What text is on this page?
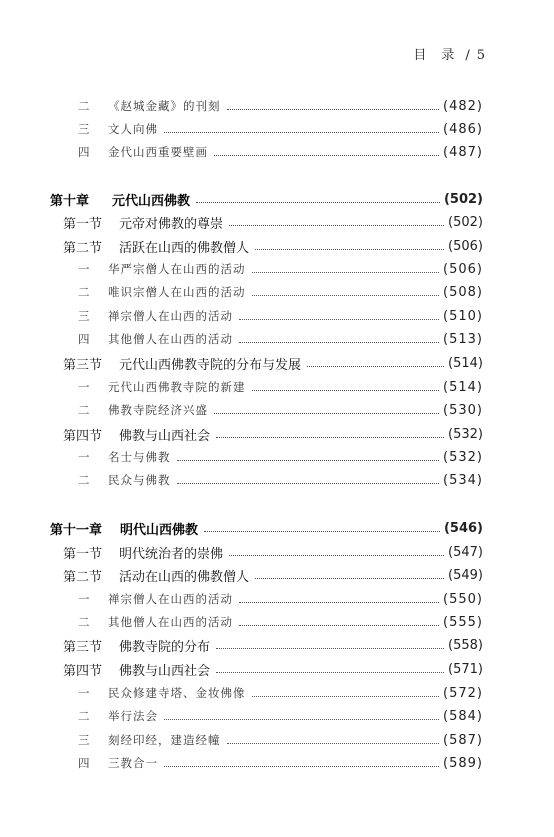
目　录 / 5
二	《赵城金藏》的刊刻	(482)
三	文人向佛	(486)
四	金代山西重要壁画	(487)
第十章	元代山西佛教	(502)
第一节	元帝对佛教的尊崇	(502)
第二节	活跃在山西的佛教僧人	(506)
一	华严宗僧人在山西的活动	(506)
二	唯识宗僧人在山西的活动	(508)
三	禅宗僧人在山西的活动	(510)
四	其他僧人在山西的活动	(513)
第三节	元代山西佛教寺院的分布与发展	(514)
一	元代山西佛教寺院的新建	(514)
二	佛教寺院经济兴盛	(530)
第四节	佛教与山西社会	(532)
一	名士与佛教	(532)
二	民众与佛教	(534)
第十一章	明代山西佛教	(546)
第一节	明代统治者的崇佛	(547)
第二节	活动在山西的佛教僧人	(549)
一	禅宗僧人在山西的活动	(550)
二	其他僧人在山西的活动	(555)
第三节	佛教寺院的分布	(558)
第四节	佛教与山西社会	(571)
一	民众修建寺塔、金妆佛像	(572)
二	举行法会	(584)
三	刻经印经，建造经幢	(587)
四	三教合一	(589)
